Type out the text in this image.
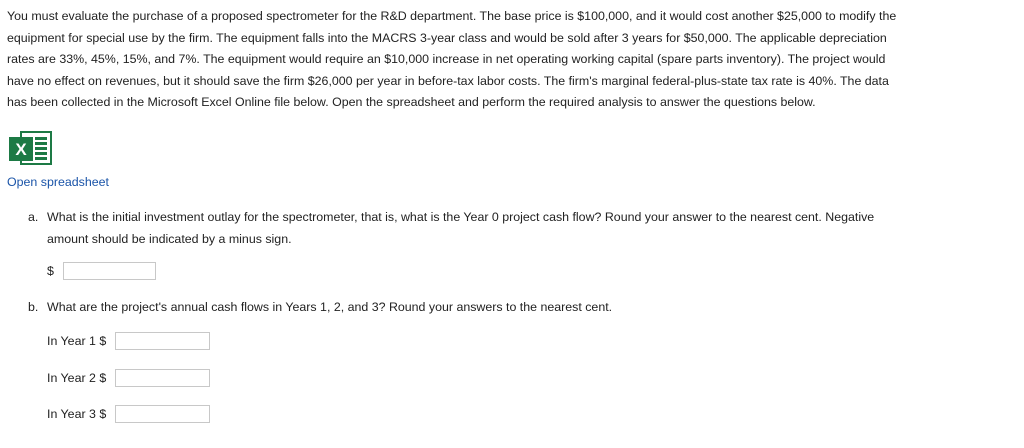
You must evaluate the purchase of a proposed spectrometer for the R&D department. The base price is $100,000, and it would cost another $25,000 to modify the
equipment for special use by the firm. The equipment falls into the MACRS 3-year class and would be sold after 3 years for $50,000. The applicable depreciation
rates are 33%, 45%, 15%, and 7%. The equipment would require an $10,000 increase in net operating working capital (spare parts inventory). The project would
have no effect on revenues, but it should save the firm $26,000 per year in before-tax labor costs. The firm's marginal federal-plus-state tax rate is 40%. The data
has been collected in the Microsoft Excel Online file below. Open the spreadsheet and perform the required analysis to answer the questions below.
X
Open spreadsheet
a. What is the initial investment outlay for the spectrometer, that is, what is the Year 0 project cash flow? Round your answer to the nearest cent. Negative
amount should be indicated by a minus sign.
$
b. What are the project's annual cash flows in Years 1, 2, and 3? Round your answers to the nearest cent.
In Year 1 $
In Year 2 $
In Year 3 $
